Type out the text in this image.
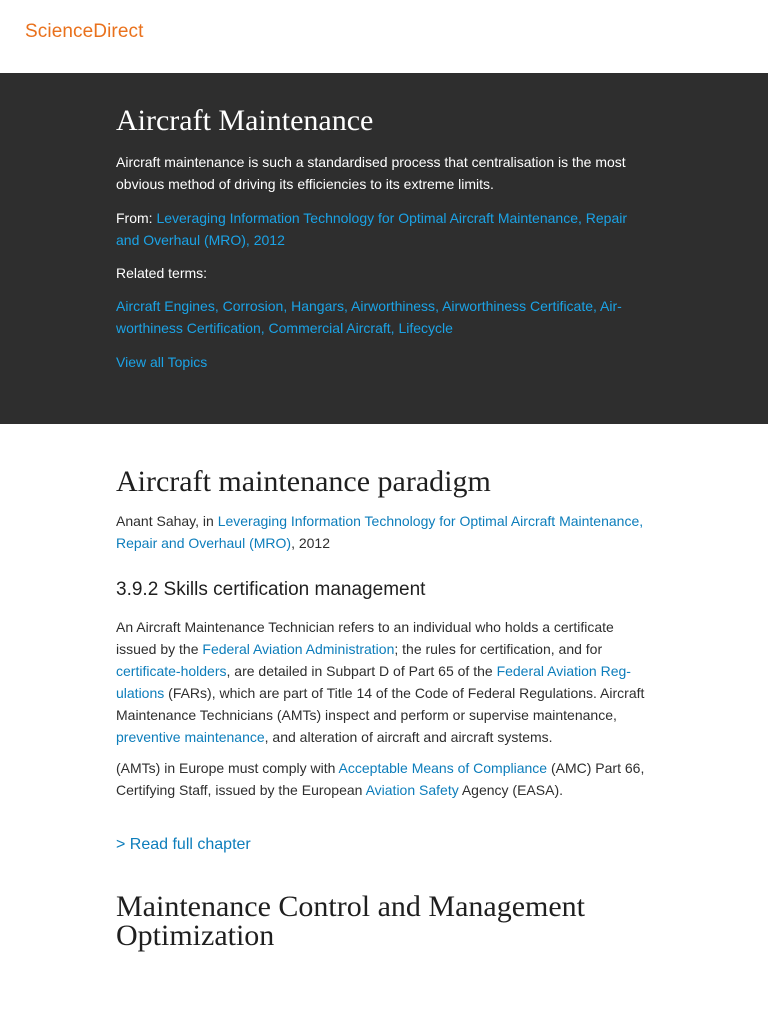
ScienceDirect
Aircraft Maintenance

Aircraft maintenance is such a standardised process that centralisation is the most obvious method of driving its efficiencies to its extreme limits.

From: Leveraging Information Technology for Optimal Aircraft Maintenance, Repair and Overhaul (MRO), 2012

Related terms:

Aircraft Engines, Corrosion, Hangars, Airworthiness, Airworthiness Certificate, Airworthiness Certification, Commercial Aircraft, Lifecycle

View all Topics

Aircraft maintenance paradigm

Anant Sahay, in Leveraging Information Technology for Optimal Aircraft Maintenance, Repair and Overhaul (MRO), 2012

3.9.2 Skills certification management

An Aircraft Maintenance Technician refers to an individual who holds a certificate issued by the Federal Aviation Administration; the rules for certification, and for certificate-holders, are detailed in Subpart D of Part 65 of the Federal Aviation Regulations (FARs), which are part of Title 14 of the Code of Federal Regulations. Aircraft Maintenance Technicians (AMTs) inspect and perform or supervise maintenance, preventive maintenance, and alteration of aircraft and aircraft systems.

(AMTs) in Europe must comply with Acceptable Means of Compliance (AMC) Part 66, Certifying Staff, issued by the European Aviation Safety Agency (EASA).

> Read full chapter
Maintenance Control and Management Optimization
